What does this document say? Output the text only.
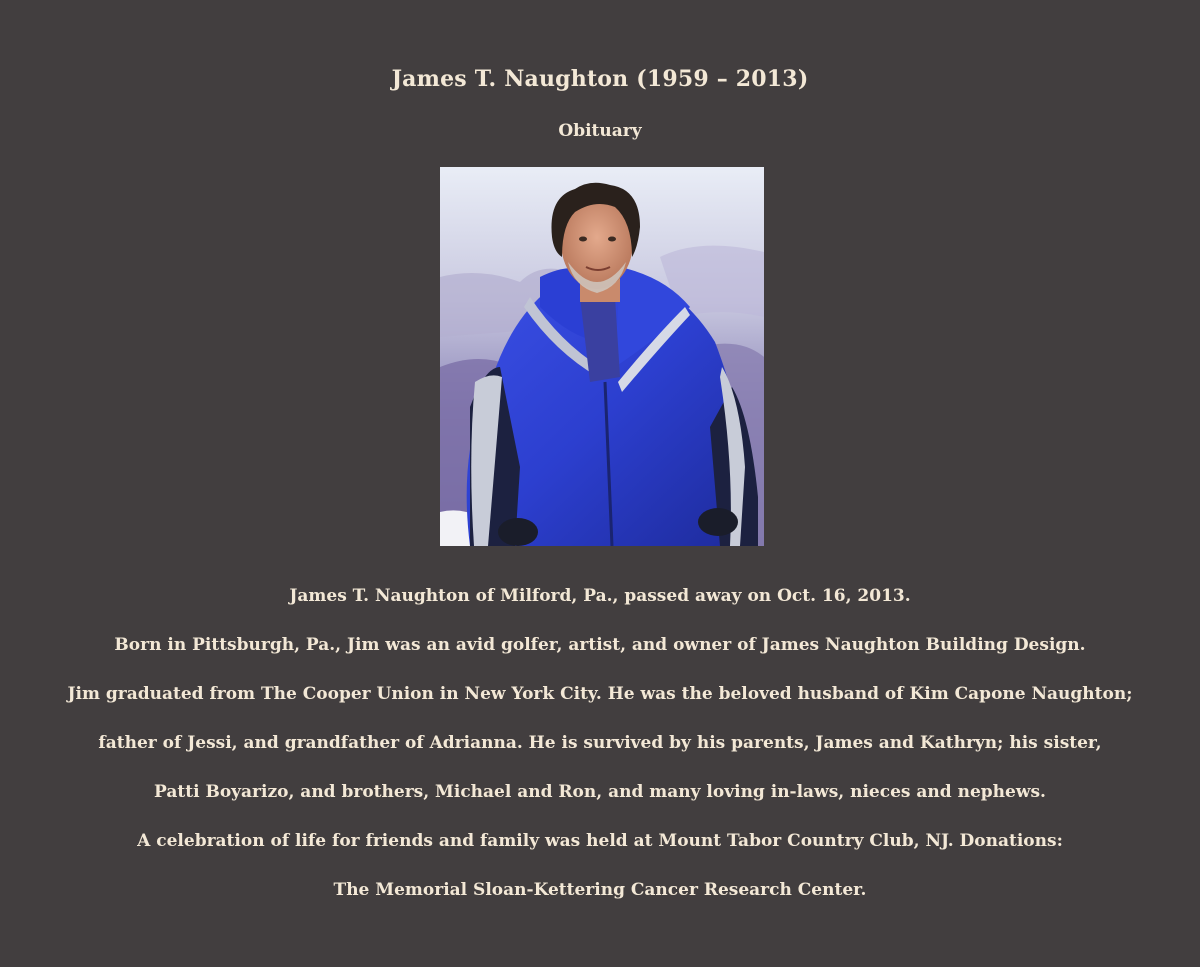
James T. Naughton (1959 – 2013)
Obituary
James T. Naughton of Milford, Pa., passed away on Oct. 16, 2013.
Born in Pittsburgh, Pa., Jim was an avid golfer, artist, and owner of James Naughton Building Design.
Jim graduated from The Cooper Union in New York City. He was the beloved husband of Kim Capone Naughton;
father of Jessi, and grandfather of Adrianna. He is survived by his parents, James and Kathryn; his sister,
Patti Boyarizo, and brothers, Michael and Ron, and many loving in-laws, nieces and nephews.
A celebration of life for friends and family was held at Mount Tabor Country Club, NJ. Donations:
The Memorial Sloan-Kettering Cancer Research Center.
